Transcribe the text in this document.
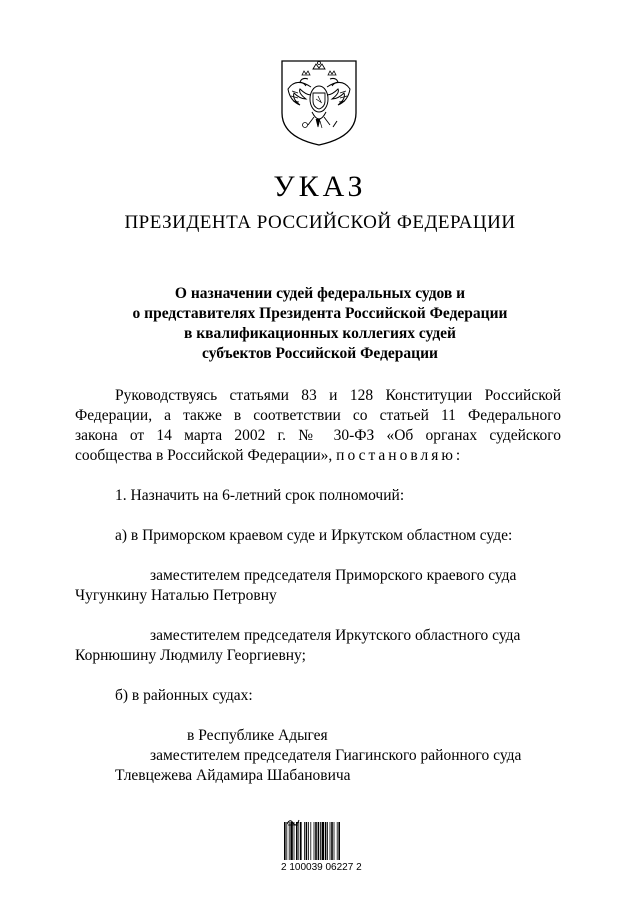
УКАЗ
ПРЕЗИДЕНТА РОССИЙСКОЙ ФЕДЕРАЦИИ
О назначении судей федеральных судов и
о представителях Президента Российской Федерации
в квалификационных коллегиях судей
субъектов Российской Федерации
Руководствуясь статьями 83 и 128 Конституции Российской
Федерации, а также в соответствии со статьей 11 Федерального
закона от 14 марта 2002 г. № 30-ФЗ «Об органах судейского
сообщества в Российской Федерации», постановляю:
1. Назначить на 6-летний срок полномочий:
а) в Приморском краевом суде и Иркутском областном суде:
заместителем председателя Приморского краевого суда
Чугункину Наталью Петровну
заместителем председателя Иркутского областного суда
Корнюшину Людмилу Георгиевну;
б) в районных судах:
в Республике Адыгея
заместителем председателя Гиагинского районного суда
Тлевцежева Айдамира Шабановича
2 100039 06227 2
